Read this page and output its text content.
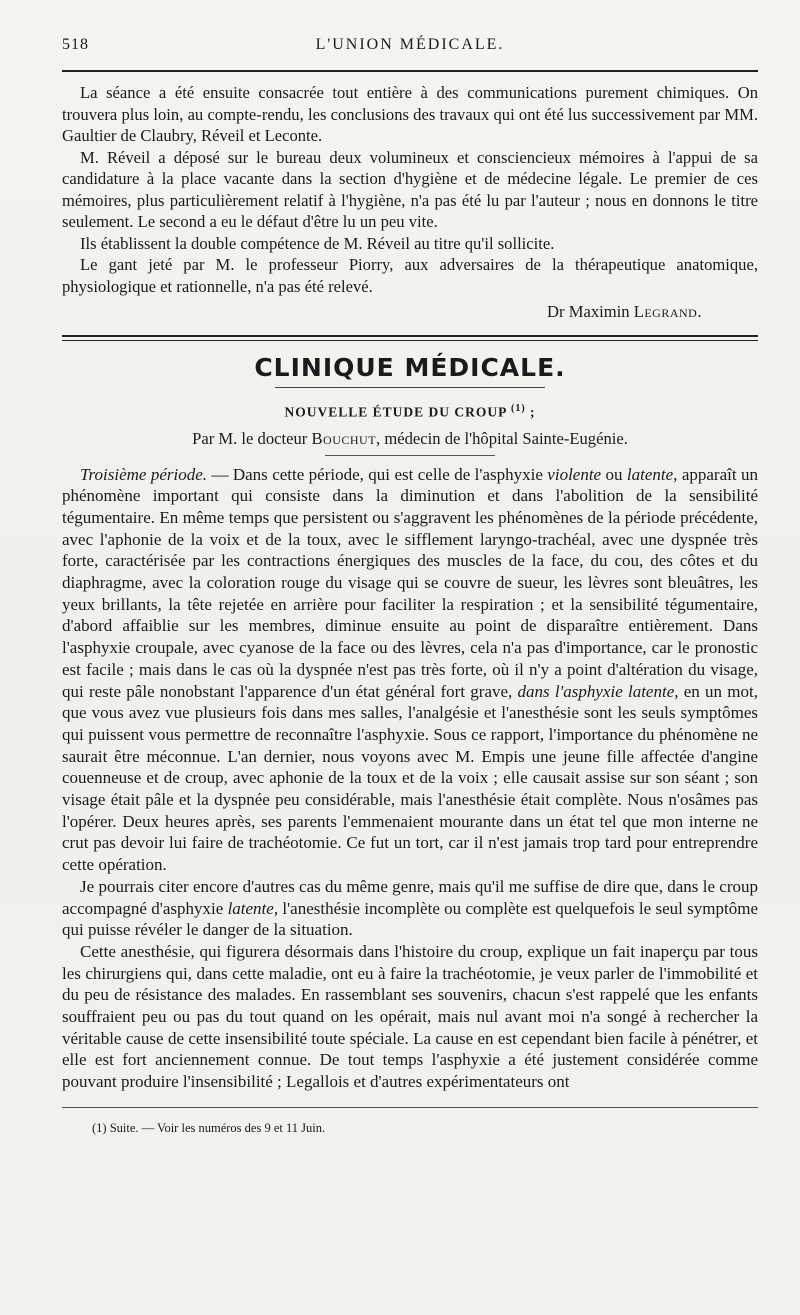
518	L'UNION MÉDICALE.

La séance a été ensuite consacrée tout entière à des communications purement chimiques. On trouvera plus loin, au compte-rendu, les conclusions des travaux qui ont été lus successivement par MM. Gaultier de Claubry, Réveil et Leconte.

M. Réveil a déposé sur le bureau deux volumineux et consciencieux mémoires à l'appui de sa candidature à la place vacante dans la section d'hygiène et de médecine légale. Le premier de ces mémoires, plus particulièrement relatif à l'hygiène, n'a pas été lu par l'auteur ; nous en donnons le titre seulement. Le second a eu le défaut d'être lu un peu vite.

Ils établissent la double compétence de M. Réveil au titre qu'il sollicite.

Le gant jeté par M. le professeur Piorry, aux adversaires de la thérapeutique anatomique, physiologique et rationnelle, n'a pas été relevé.

Dr Maximin Legrand.
CLINIQUE MÉDICALE.
NOUVELLE ÉTUDE DU CROUP $^{(1)}$ ;
Par M. le docteur Bouchut, médecin de l'hôpital Sainte-Eugénie.

Troisième période. — Dans cette période, qui est celle de l'asphyxie violente ou latente, apparaît un phénomène important qui consiste dans la diminution et dans l'abolition de la sensibilité tégumentaire. En même temps que persistent ou s'aggravent les phénomènes de la période précédente, avec l'aphonie de la voix et de la toux, avec le sifflement laryngo-trachéal, avec une dyspnée très forte, caractérisée par les contractions énergiques des muscles de la face, du cou, des côtes et du diaphragme, avec la coloration rouge du visage qui se couvre de sueur, les lèvres sont bleuâtres, les yeux brillants, la tête rejetée en arrière pour faciliter la respiration ; et la sensibilité tégumentaire, d'abord affaiblie sur les membres, diminue ensuite au point de disparaître entièrement. Dans l'asphyxie croupale, avec cyanose de la face ou des lèvres, cela n'a pas d'importance, car le pronostic est facile ; mais dans le cas où la dyspnée n'est pas très forte, où il n'y a point d'altération du visage, qui reste pâle nonobstant l'apparence d'un état général fort grave, dans l'asphyxie latente, en un mot, que vous avez vue plusieurs fois dans mes salles, l'analgésie et l'anesthésie sont les seuls symptômes qui puissent vous permettre de reconnaître l'asphyxie. Sous ce rapport, l'importance du phénomène ne saurait être méconnue. L'an dernier, nous voyons avec M. Empis une jeune fille affectée d'angine couenneuse et de croup, avec aphonie de la toux et de la voix ; elle causait assise sur son séant ; son visage était pâle et la dyspnée peu considérable, mais l'anesthésie était complète. Nous n'osâmes pas l'opérer. Deux heures après, ses parents l'emmenaient mourante dans un état tel que mon interne ne crut pas devoir lui faire de trachéotomie. Ce fut un tort, car il n'est jamais trop tard pour entreprendre cette opération.

Je pourrais citer encore d'autres cas du même genre, mais qu'il me suffise de dire que, dans le croup accompagné d'asphyxie latente, l'anesthésie incomplète ou complète est quelquefois le seul symptôme qui puisse révéler le danger de la situation.

Cette anesthésie, qui figurera désormais dans l'histoire du croup, explique un fait inaperçu par tous les chirurgiens qui, dans cette maladie, ont eu à faire la trachéotomie, je veux parler de l'immobilité et du peu de résistance des malades. En rassemblant ses souvenirs, chacun s'est rappelé que les enfants souffraient peu ou pas du tout quand on les opérait, mais nul avant moi n'a songé à rechercher la véritable cause de cette insensibilité toute spéciale. La cause en est cependant bien facile à pénétrer, et elle est fort anciennement connue. De tout temps l'asphyxie a été justement considérée comme pouvant produire l'insensibilité ; Legallois et d'autres expérimentateurs ont

(1) Suite. — Voir les numéros des 9 et 11 Juin.
